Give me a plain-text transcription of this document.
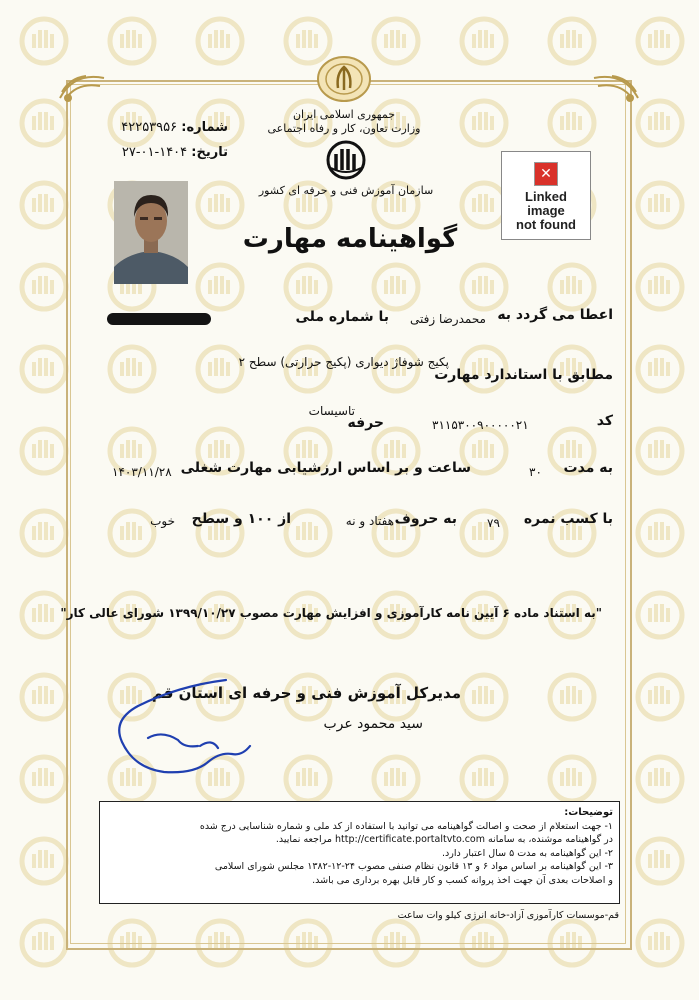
جمهوری اسلامی ایران
وزارت تعاون، کار و رفاه اجتماعی
سازمان آموزش فنی و حرفه ای کشور
شماره: ۴۲۲۵۳۹۵۶
تاریخ: ۱۴۰۴-۰۱-۲۷
✕
Linked
image
not found
گواهینامه مهارت
اعطا می گردد به
محمدرضا زفتی
با شماره ملی
مطابق با استاندارد مهارت
پکیج شوفاژ دیواری (پکیج حرارتی) سطح ۲
کد
۳۱۱۵۳۰۰۹۰۰۰۰۰۲۱
حرفه
تاسیسات
به مدت
۳۰
ساعت و بر اساس ارزشیابی مهارت شغلی
۱۴۰۳/۱۱/۲۸
با کسب نمره
۷۹
به حروف
هفتاد و نه
از ۱۰۰ و سطح
خوب
"به استناد ماده ۶ آیین نامه کارآموزی و افزایش مهارت مصوب ۱۳۹۹/۱۰/۲۷ شورای عالی کار"
مدیرکل آموزش فنی و حرفه ای استان قم
سید محمود عرب
توضیحات:
۱- جهت استعلام از صحت و اصالت گواهینامه می توانید با استفاده از کد ملی و شماره شناسایی درج شده
در گواهینامه موشنده، به سامانه http://certificate.portaltvto.com مراجعه نمایید.
۲- این گواهینامه به مدت ۵ سال اعتبار دارد.
۳- این گواهینامه بر اساس مواد ۶ و ۱۳ قانون نظام صنفی مصوب ۲۴-۱۲-۱۳۸۲ مجلس شورای اسلامی
و اصلاحات بعدی آن جهت اخذ پروانه کسب و کار قابل بهره برداری می باشد.
قم-موسسات کارآموزی آزاد-خانه انرژی کیلو وات ساعت
